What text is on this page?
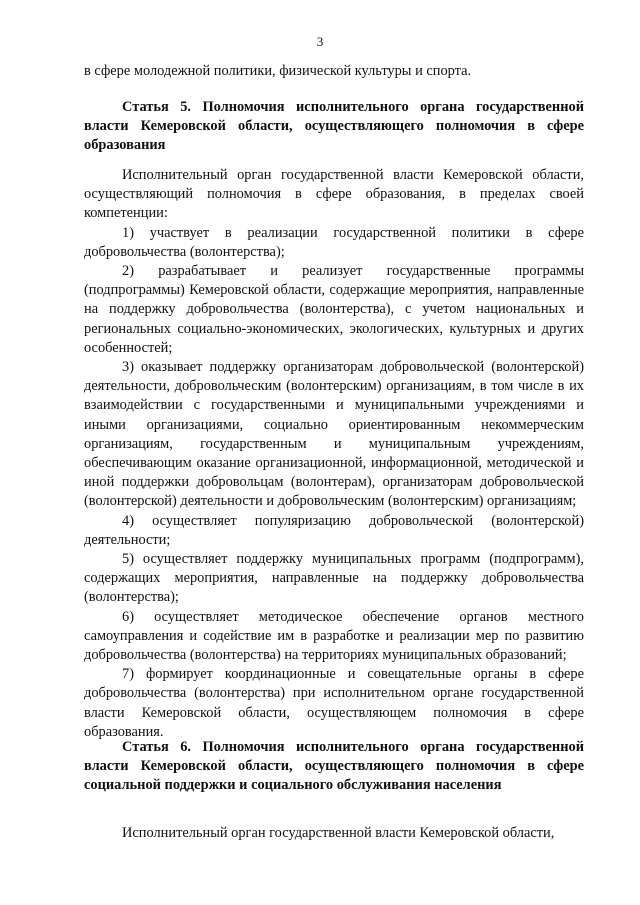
3

в сфере молодежной политики, физической культуры и спорта.

Статья 5. Полномочия исполнительного органа государственной власти Кемеровской области, осуществляющего полномочия в сфере образования

Исполнительный орган государственной власти Кемеровской области, осуществляющий полномочия в сфере образования, в пределах своей компетенции:

1) участвует в реализации государственной политики в сфере добровольчества (волонтерства);

2) разрабатывает и реализует государственные программы (подпрограммы) Кемеровской области, содержащие мероприятия, направленные на поддержку добровольчества (волонтерства), с учетом национальных и региональных социально-экономических, экологических, культурных и других особенностей;

3) оказывает поддержку организаторам добровольческой (волонтерской) деятельности, добровольческим (волонтерским) организациям, в том числе в их взаимодействии с государственными и муниципальными учреждениями и иными организациями, социально ориентированным некоммерческим организациям, государственным и муниципальным учреждениям, обеспечивающим оказание организационной, информационной, методической и иной поддержки добровольцам (волонтерам), организаторам добровольческой (волонтерской) деятельности и добровольческим (волонтерским) организациям;

4) осуществляет популяризацию добровольческой (волонтерской) деятельности;

5) осуществляет поддержку муниципальных программ (подпрограмм), содержащих мероприятия, направленные на поддержку добровольчества (волонтерства);

6) осуществляет методическое обеспечение органов местного самоуправления и содействие им в разработке и реализации мер по развитию добровольчества (волонтерства) на территориях муниципальных образований;

7) формирует координационные и совещательные органы в сфере добровольчества (волонтерства) при исполнительном органе государственной власти Кемеровской области, осуществляющем полномочия в сфере образования.

Статья 6. Полномочия исполнительного органа государственной власти Кемеровской области, осуществляющего полномочия в сфере социальной поддержки и социального обслуживания населения

Исполнительный орган государственной власти Кемеровской области,
